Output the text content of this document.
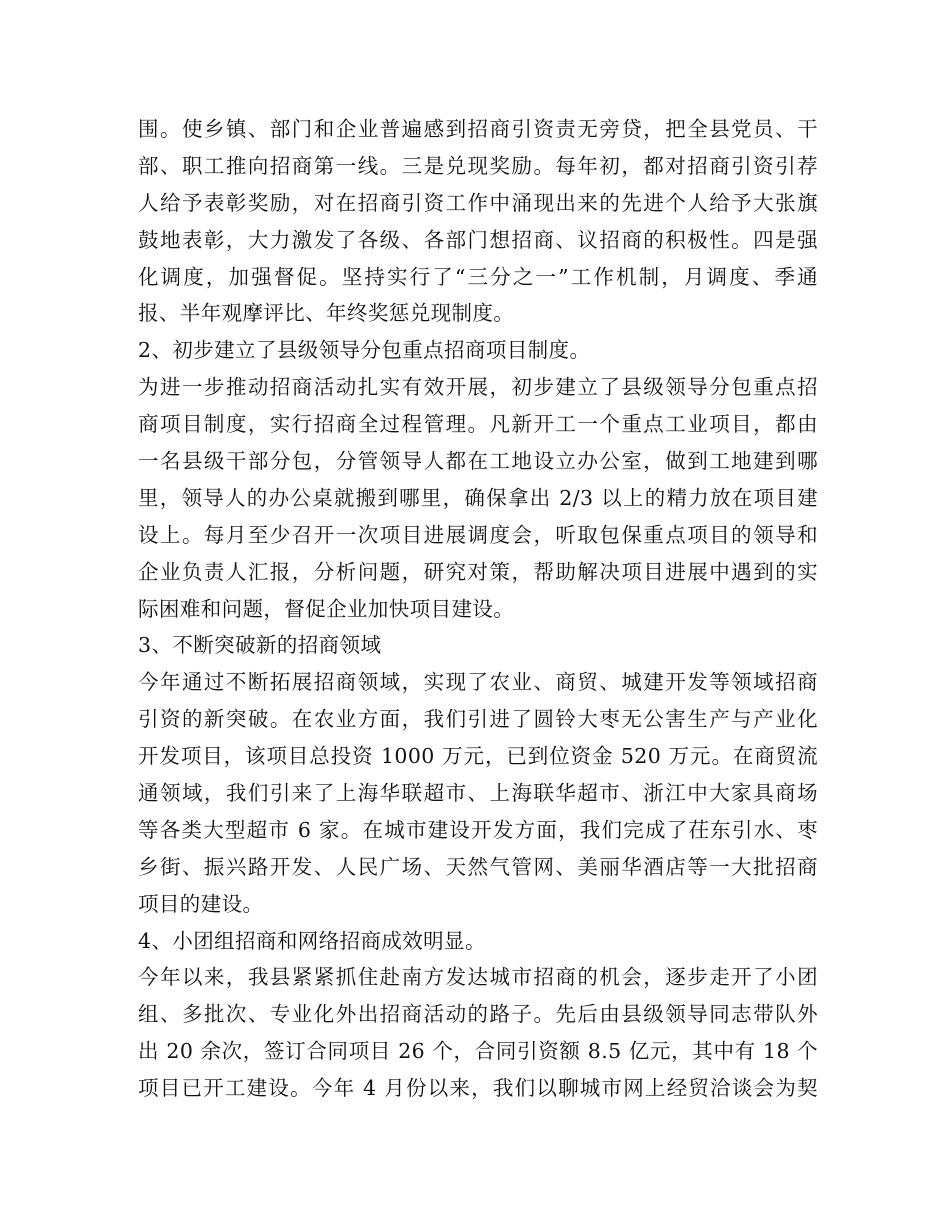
围。使乡镇、部门和企业普遍感到招商引资责无旁贷，把全县党员、干
部、职工推向招商第一线。三是兑现奖励。每年初，都对招商引资引荐
人给予表彰奖励，对在招商引资工作中涌现出来的先进个人给予大张旗
鼓地表彰，大力激发了各级、各部门想招商、议招商的积极性。四是强
化调度，加强督促。坚持实行了“三分之一”工作机制，月调度、季通
报、半年观摩评比、年终奖惩兑现制度。
2、初步建立了县级领导分包重点招商项目制度。
为进一步推动招商活动扎实有效开展，初步建立了县级领导分包重点招
商项目制度，实行招商全过程管理。凡新开工一个重点工业项目，都由
一名县级干部分包，分管领导人都在工地设立办公室，做到工地建到哪
里，领导人的办公桌就搬到哪里，确保拿出 2/3 以上的精力放在项目建
设上。每月至少召开一次项目进展调度会，听取包保重点项目的领导和
企业负责人汇报，分析问题，研究对策，帮助解决项目进展中遇到的实
际困难和问题，督促企业加快项目建设。
3、不断突破新的招商领域
今年通过不断拓展招商领域，实现了农业、商贸、城建开发等领域招商
引资的新突破。在农业方面，我们引进了圆铃大枣无公害生产与产业化
开发项目，该项目总投资 1000 万元，已到位资金 520 万元。在商贸流
通领域，我们引来了上海华联超市、上海联华超市、浙江中大家具商场
等各类大型超市 6 家。在城市建设开发方面，我们完成了茌东引水、枣
乡街、振兴路开发、人民广场、天然气管网、美丽华酒店等一大批招商
项目的建设。
4、小团组招商和网络招商成效明显。
今年以来，我县紧紧抓住赴南方发达城市招商的机会，逐步走开了小团
组、多批次、专业化外出招商活动的路子。先后由县级领导同志带队外
出 20 余次，签订合同项目 26 个，合同引资额 8.5 亿元，其中有 18 个
项目已开工建设。今年 4 月份以来，我们以聊城市网上经贸洽谈会为契
